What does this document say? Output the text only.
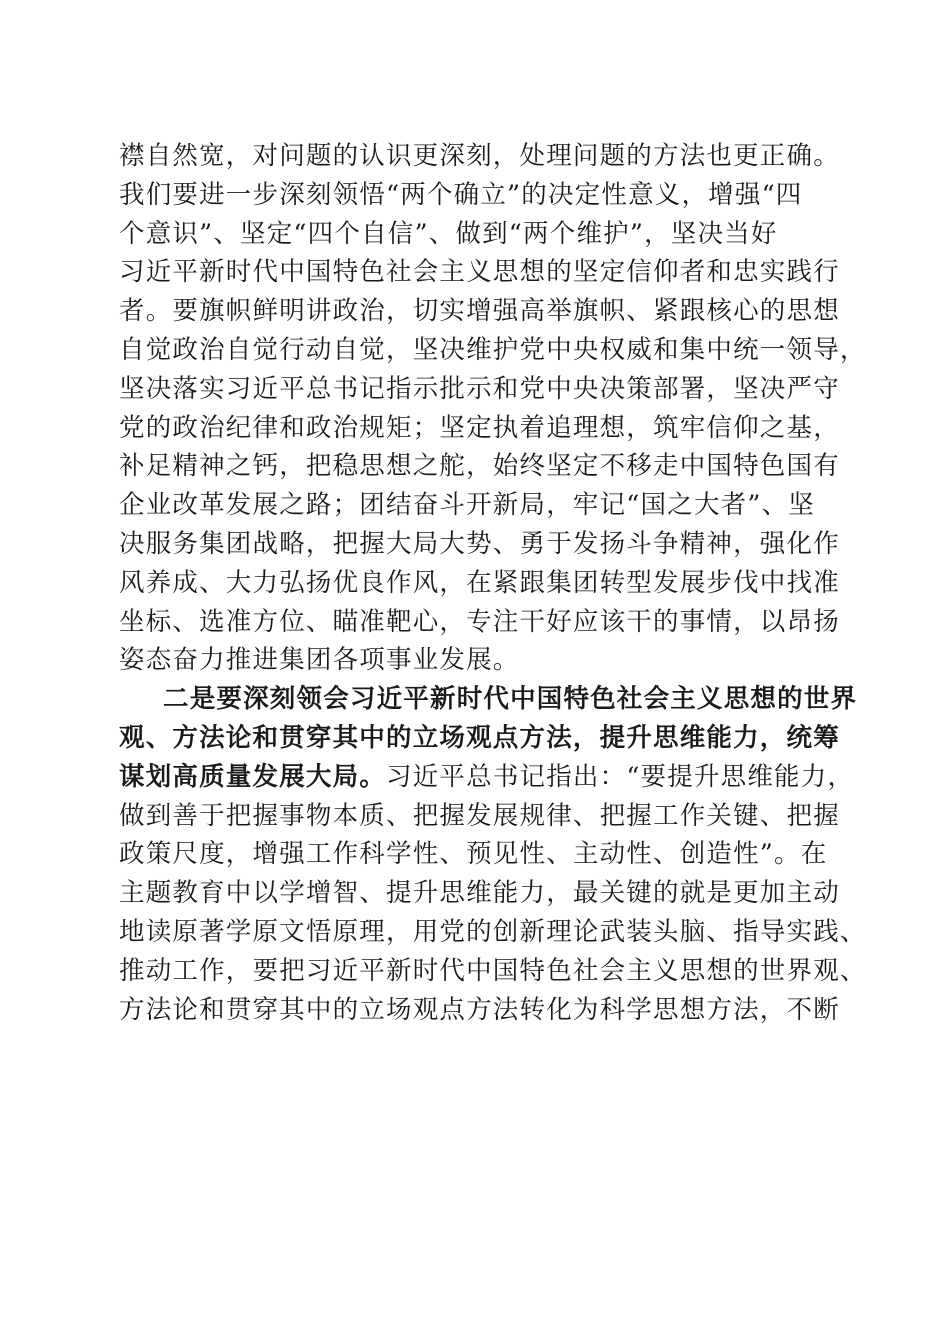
襟自然宽，对问题的认识更深刻，处理问题的方法也更正确。
我们要进一步深刻领悟“两个确立”的决定性意义，增强“四
个意识”、坚定“四个自信”、做到“两个维护”，坚决当好
习近平新时代中国特色社会主义思想的坚定信仰者和忠实践行
者。要旗帜鲜明讲政治，切实增强高举旗帜、紧跟核心的思想
自觉政治自觉行动自觉，坚决维护党中央权威和集中统一领导，
坚决落实习近平总书记指示批示和党中央决策部署，坚决严守
党的政治纪律和政治规矩；坚定执着追理想，筑牢信仰之基，
补足精神之钙，把稳思想之舵，始终坚定不移走中国特色国有
企业改革发展之路；团结奋斗开新局，牢记“国之大者”、坚
决服务集团战略，把握大局大势、勇于发扬斗争精神，强化作
风养成、大力弘扬优良作风，在紧跟集团转型发展步伐中找准
坐标、选准方位、瞄准靶心，专注干好应该干的事情，以昂扬
姿态奋力推进集团各项事业发展。
二是要深刻领会习近平新时代中国特色社会主义思想的世界
观、方法论和贯穿其中的立场观点方法，提升思维能力，统筹
谋划高质量发展大局。习近平总书记指出：“要提升思维能力，
做到善于把握事物本质、把握发展规律、把握工作关键、把握
政策尺度，增强工作科学性、预见性、主动性、创造性”。在
主题教育中以学增智、提升思维能力，最关键的就是更加主动
地读原著学原文悟原理，用党的创新理论武装头脑、指导实践、
推动工作，要把习近平新时代中国特色社会主义思想的世界观、
方法论和贯穿其中的立场观点方法转化为科学思想方法，不断
